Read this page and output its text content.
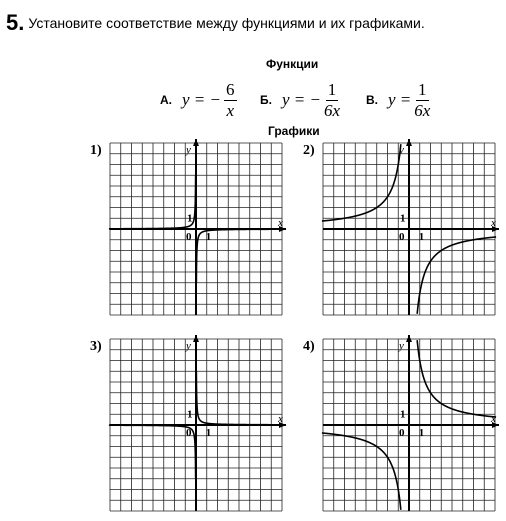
5. Установите соответствие между функциями и их графиками.
Функции
А. y = − $\frac{6}{x} Б$. y = − $\frac{1}{6x} В$. $y = \frac{1}{6x}$
Графики
1)	2)
3)	4)
x
y
0 1
1	x
y
0 1
1
x
y
0 1
1	x
y
0 1
1
